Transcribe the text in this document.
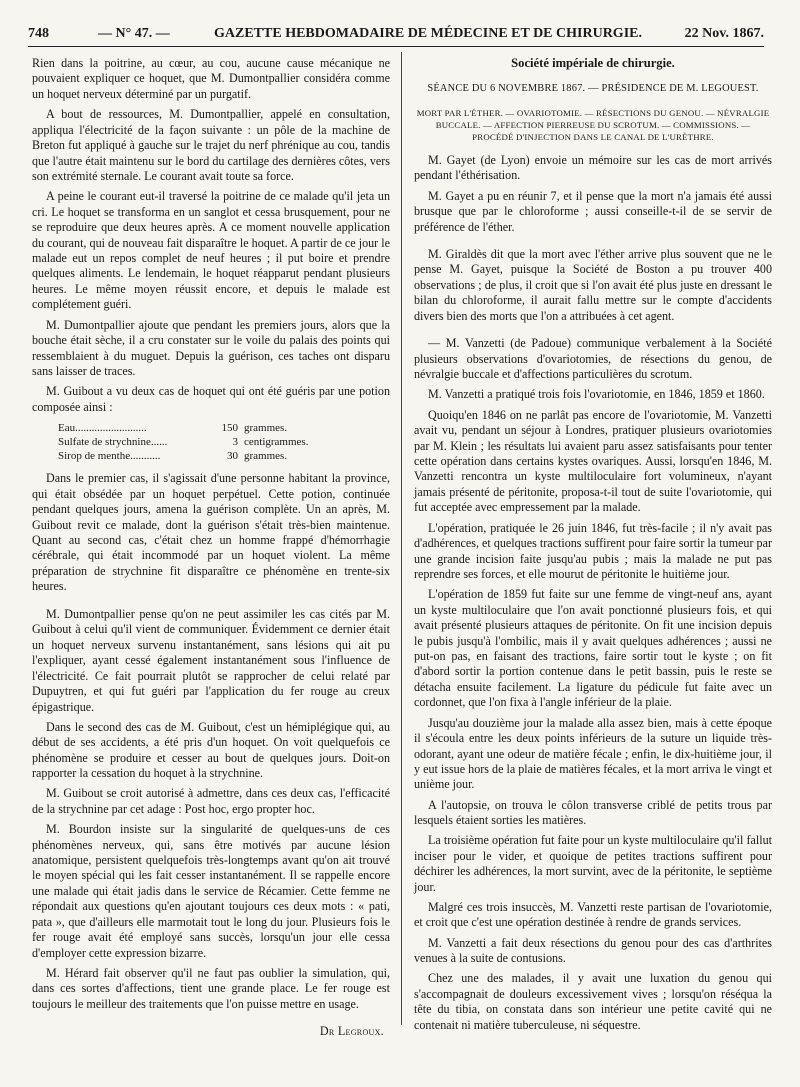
748	— N° 47. —	GAZETTE HEBDOMADAIRE DE MÉDECINE ET DE CHIRURGIE.	22 Nov. 1867.

Rien dans la poitrine, au cœur, au cou, aucune cause mécanique ne pouvaient expliquer ce hoquet, que M. Dumontpallier considéra comme un hoquet nerveux déterminé par un purgatif.

A bout de ressources, M. Dumontpallier, appelé en consultation, appliqua l'électricité de la façon suivante : un pôle de la machine de Breton fut appliqué à gauche sur le trajet du nerf phrénique au cou, tandis que l'autre était maintenu sur le bord du cartilage des dernières côtes, vers son extrémité sternale. Le courant avait toute sa force.

A peine le courant eut-il traversé la poitrine de ce malade qu'il jeta un cri. Le hoquet se transforma en un sanglot et cessa brusquement, pour ne se reproduire que deux heures après. A ce moment nouvelle application du courant, qui de nouveau fait disparaître le hoquet. A partir de ce jour le malade eut un repos complet de neuf heures ; il put boire et prendre quelques aliments. Le lendemain, le hoquet réapparut pendant plusieurs heures. Le même moyen réussit encore, et depuis le malade est complétement guéri.

M. Dumontpallier ajoute que pendant les premiers jours, alors que la bouche était sèche, il a cru constater sur le voile du palais des points qui ressemblaient à du muguet. Depuis la guérison, ces taches ont disparu sans laisser de traces.

M. Guibout a vu deux cas de hoquet qui ont été guéris par une potion composée ainsi :

Eau..........................	150 grammes.
Sulfate de strychnine......	3 centigrammes.
Sirop de menthe...........	30 grammes.

Dans le premier cas, il s'agissait d'une personne habitant la province, qui était obsédée par un hoquet perpétuel. Cette potion, continuée pendant quelques jours, amena la guérison complète. Un an après, M. Guibout revit ce malade, dont la guérison s'était très-bien maintenue. Quant au second cas, c'était chez un homme frappé d'hémorrhagie cérébrale, qui était incommodé par un hoquet violent. La même préparation de strychnine fit disparaître ce phénomène en trente-six heures.

M. Dumontpallier pense qu'on ne peut assimiler les cas cités par M. Guibout à celui qu'il vient de communiquer. Évidemment ce dernier était un hoquet nerveux survenu instantanément, sans lésions qui ait pu l'expliquer, ayant cessé également instantanément sous l'influence de l'électricité. Ce fait pourrait plutôt se rapprocher de celui relaté par Dupuytren, et qui fut guéri par l'application du fer rouge au creux épigastrique.

Dans le second des cas de M. Guibout, c'est un hémiplégique qui, au début de ses accidents, a été pris d'un hoquet. On voit quelquefois ce phénomène se produire et cesser au bout de quelques jours. Doit-on rapporter la cessation du hoquet à la strychnine.

M. Guibout se croit autorisé à admettre, dans ces deux cas, l'efficacité de la strychnine par cet adage : Post hoc, ergo propter hoc.

M. Bourdon insiste sur la singularité de quelques-uns de ces phénomènes nerveux, qui, sans être motivés par aucune lésion anatomique, persistent quelquefois très-longtemps avant qu'on ait trouvé le moyen spécial qui les fait cesser instantanément. Il se rappelle encore une malade qui était jadis dans le service de Récamier. Cette femme ne répondait aux questions qu'en ajoutant toujours ces deux mots : « pati, pata », que d'ailleurs elle marmotait tout le long du jour. Plusieurs fois le fer rouge avait été employé sans succès, lorsqu'un jour elle cessa d'employer cette expression bizarre.

M. Hérard fait observer qu'il ne faut pas oublier la simulation, qui, dans ces sortes d'affections, tient une grande place. Le fer rouge est toujours le meilleur des traitements que l'on puisse mettre en usage.

Dr Legroux.
Société impériale de chirurgie.
SÉANCE DU 6 NOVEMBRE 1867. — PRÉSIDENCE DE M. LEGOUEST.
MORT PAR L'ÉTHER. — OVARIOTOMIE. — RÉSECTIONS DU GENOU. — NÉVRALGIE BUCCALE. — AFFECTION PIERREUSE DU SCROTUM. — COMMISSIONS. — PROCÉDÉ D'INJECTION DANS LE CANAL DE L'URÈTHRE.

M. Gayet (de Lyon) envoie un mémoire sur les cas de mort arrivés pendant l'éthérisation.

M. Gayet a pu en réunir 7, et il pense que la mort n'a jamais été aussi brusque que par le chloroforme ; aussi conseille-t-il de se servir de préférence de l'éther.

M. Giraldès dit que la mort avec l'éther arrive plus souvent que ne le pense M. Gayet, puisque la Société de Boston a pu trouver 400 observations ; de plus, il croit que si l'on avait été plus juste en dressant le bilan du chloroforme, il aurait fallu mettre sur le compte d'accidents divers bien des morts que l'on a attribuées à cet agent.

— M. Vanzetti (de Padoue) communique verbalement à la Société plusieurs observations d'ovariotomies, de résections du genou, de névralgie buccale et d'affections particulières du scrotum.

M. Vanzetti a pratiqué trois fois l'ovariotomie, en 1846, 1859 et 1860.

Quoiqu'en 1846 on ne parlât pas encore de l'ovariotomie, M. Vanzetti avait vu, pendant un séjour à Londres, pratiquer plusieurs ovariotomies par M. Klein ; les résultats lui avaient paru assez satisfaisants pour tenter cette opération dans certains kystes ovariques. Aussi, lorsqu'en 1846, M. Vanzetti rencontra un kyste multiloculaire fort volumineux, n'ayant jamais présenté de péritonite, proposa-t-il tout de suite l'ovariotomie, qui fut acceptée avec empressement par la malade.

L'opération, pratiquée le 26 juin 1846, fut très-facile ; il n'y avait pas d'adhérences, et quelques tractions suffirent pour faire sortir la tumeur par une grande incision faite jusqu'au pubis ; mais la malade ne put pas reprendre ses forces, et elle mourut de péritonite le huitième jour.

L'opération de 1859 fut faite sur une femme de vingt-neuf ans, ayant un kyste multiloculaire que l'on avait ponctionné plusieurs fois, et qui avait présenté plusieurs attaques de péritonite. On fit une incision depuis le pubis jusqu'à l'ombilic, mais il y avait quelques adhérences ; aussi ne put-on pas, en faisant des tractions, faire sortir tout le kyste ; on fit d'abord sortir la portion contenue dans le petit bassin, puis le reste se détacha ensuite facilement. La ligature du pédicule fut faite avec un cordonnet, que l'on fixa à l'angle inférieur de la plaie.

Jusqu'au douzième jour la malade alla assez bien, mais à cette époque il s'écoula entre les deux points inférieurs de la suture un liquide très-odorant, ayant une odeur de matière fécale ; enfin, le dix-huitième jour, il y eut issue hors de la plaie de matières fécales, et la mort arriva le vingt et unième jour.

A l'autopsie, on trouva le côlon transverse criblé de petits trous par lesquels étaient sorties les matières.

La troisième opération fut faite pour un kyste multiloculaire qu'il fallut inciser pour le vider, et quoique de petites tractions suffirent pour déchirer les adhérences, la mort survint, avec de la péritonite, le septième jour.

Malgré ces trois insuccès, M. Vanzetti reste partisan de l'ovariotomie, et croit que c'est une opération destinée à rendre de grands services.

M. Vanzetti a fait deux résections du genou pour des cas d'arthrites venues à la suite de contusions.

Chez une des malades, il y avait une luxation du genou qui s'accompagnait de douleurs excessivement vives ; lorsqu'on réséqua la tête du tibia, on constata dans son intérieur une petite cavité qui ne contenait ni matière tuberculeuse, ni séquestre.
